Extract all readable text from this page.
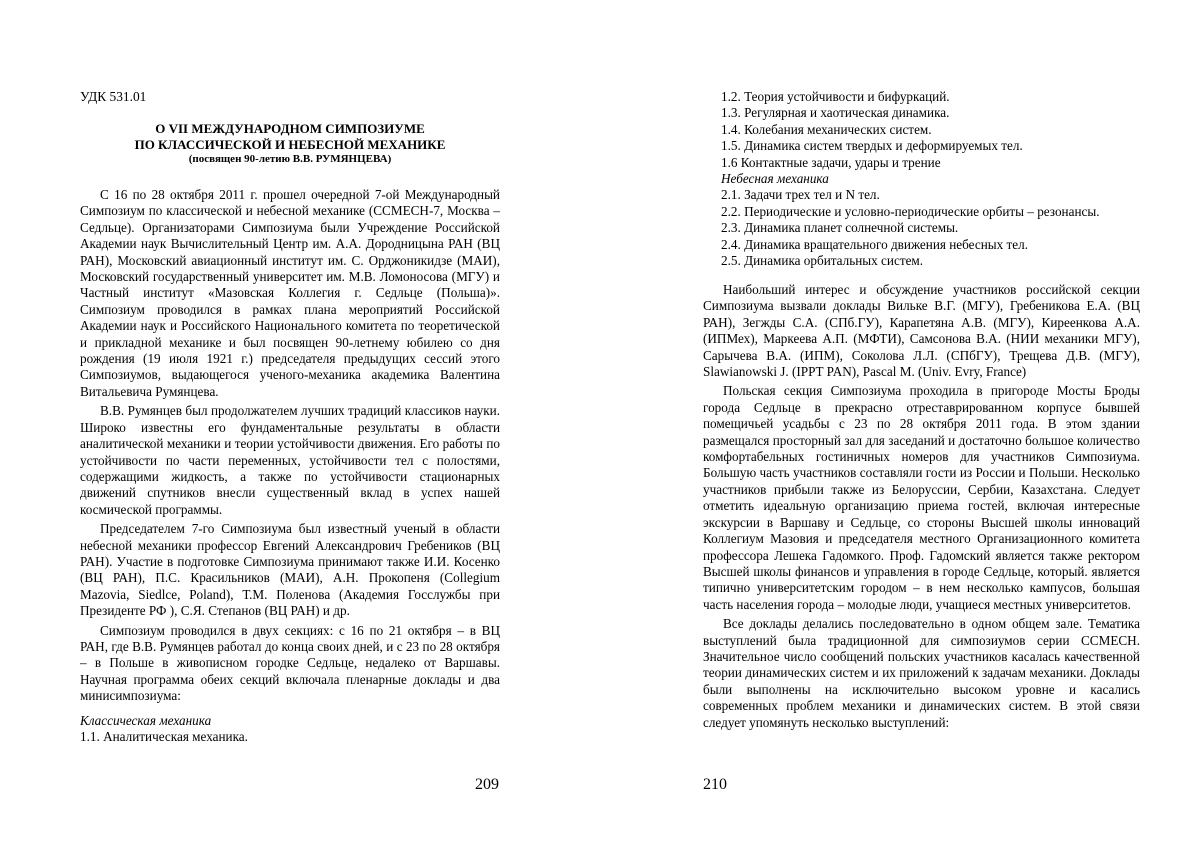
УДК 531.01
О VII МЕЖДУНАРОДНОМ СИМПОЗИУМЕ
ПО КЛАССИЧЕСКОЙ И НЕБЕСНОЙ МЕХАНИКЕ
(посвящен 90-летию В.В. РУМЯНЦЕВА)

С 16 по 28 октября 2011 г. прошел очередной 7-ой Международный Симпозиум по классической и небесной механике (ССМЕСН-7, Москва – Седльце). Организаторами Симпозиума были Учреждение Российской Академии наук Вычислительный Центр им. А.А. Дородницына РАН (ВЦ РАН), Московский авиационный институт им. С. Орджоникидзе (МАИ), Московский государственный университет им. М.В. Ломоносова (МГУ) и Частный институт «Мазовская Коллегия г. Седльце (Польша)». Симпозиум проводился в рамках плана мероприятий Российской Академии наук и Российского Национального комитета по теоретической и прикладной механике и был посвящен 90-летнему юбилею со дня рождения (19 июля 1921 г.) председателя предыдущих сессий этого Симпозиумов, выдающегося ученого-механика академика Валентина Витальевича Румянцева.

В.В. Румянцев был продолжателем лучших традиций классиков науки. Широко известны его фундаментальные результаты в области аналитической механики и теории устойчивости движения. Его работы по устойчивости по части переменных, устойчивости тел с полостями, содержащими жидкость, а также по устойчивости стационарных движений спутников внесли существенный вклад в успех нашей космической программы.

Председателем 7-го Симпозиума был известный ученый в области небесной механики профессор Евгений Александрович Гребеников (ВЦ РАН). Участие в подготовке Симпозиума принимают также И.И. Косенко (ВЦ РАН), П.С. Красильников (МАИ), А.Н. Прокопеня (Collegium Mazovia, Siedlce, Poland), Т.М. Поленова (Академия Госслужбы при Президенте РФ ), С.Я. Степанов (ВЦ РАН) и др.

Симпозиум проводился в двух секциях: с 16 по 21 октября – в ВЦ РАН, где В.В. Румянцев работал до конца своих дней, и с 23 по 28 октября – в Польше в живописном городке Седльце, недалеко от Варшавы. Научная программа обеих секций включала пленарные доклады и два минисимпозиума:

Классическая механика
1.1. Аналитическая механика.
209
1.2. Теория устойчивости и бифуркаций.
1.3. Регулярная и хаотическая динамика.
1.4. Колебания механических систем.
1.5. Динамика систем твердых и деформируемых тел.
1.6 Контактные задачи, удары и трение
Небесная механика
2.1. Задачи трех тел и N тел.
2.2. Периодические и условно-периодические орбиты – резонансы.
2.3. Динамика планет солнечной системы.
2.4. Динамика вращательного движения небесных тел.
2.5. Динамика орбитальных систем.

Наибольший интерес и обсуждение участников российской секции Симпозиума вызвали доклады Вильке В.Г. (МГУ), Гребеникова Е.А. (ВЦ РАН), Зегжды С.А. (СПб.ГУ), Карапетяна А.В. (МГУ), Киреенкова А.А. (ИПМех), Маркеева А.П. (МФТИ), Самсонова В.А. (НИИ механики МГУ), Сарычева В.А. (ИПМ), Соколова Л.Л. (СПбГУ), Трещева Д.В. (МГУ), Slawianowski J. (IPPT PAN), Pascal M. (Univ. Evry, France)

Польская секция Симпозиума проходила в пригороде Мосты Броды города Седльце в прекрасно отреставрированном корпусе бывшей помещичьей усадьбы с 23 по 28 октября 2011 года. В этом здании размещался просторный зал для заседаний и достаточно большое количество комфортабельных гостиничных номеров для участников Симпозиума. Большую часть участников составляли гости из России и Польши. Несколько участников прибыли также из Белоруссии, Сербии, Казахстана. Следует отметить идеальную организацию приема гостей, включая интересные экскурсии в Варшаву и Седльце, со стороны Высшей школы инноваций Коллегиум Мазовия и председателя местного Организационного комитета профессора Лешека Гадомкого. Проф. Гадомский является также ректором Высшей школы финансов и управления в городе Седльце, который. является типично университетским городом – в нем несколько кампусов, большая часть населения города – молодые люди, учащиеся местных университетов.

Все доклады делались последовательно в одном общем зале. Тематика выступлений была традиционной для симпозиумов серии ССМЕСН. Значительное число сообщений польских участников касалась качественной теории динамических систем и их приложений к задачам механики. Доклады были выполнены на исключительно высоком уровне и касались современных проблем механики и динамических систем. В этой связи следует упомянуть несколько выступлений:

210
